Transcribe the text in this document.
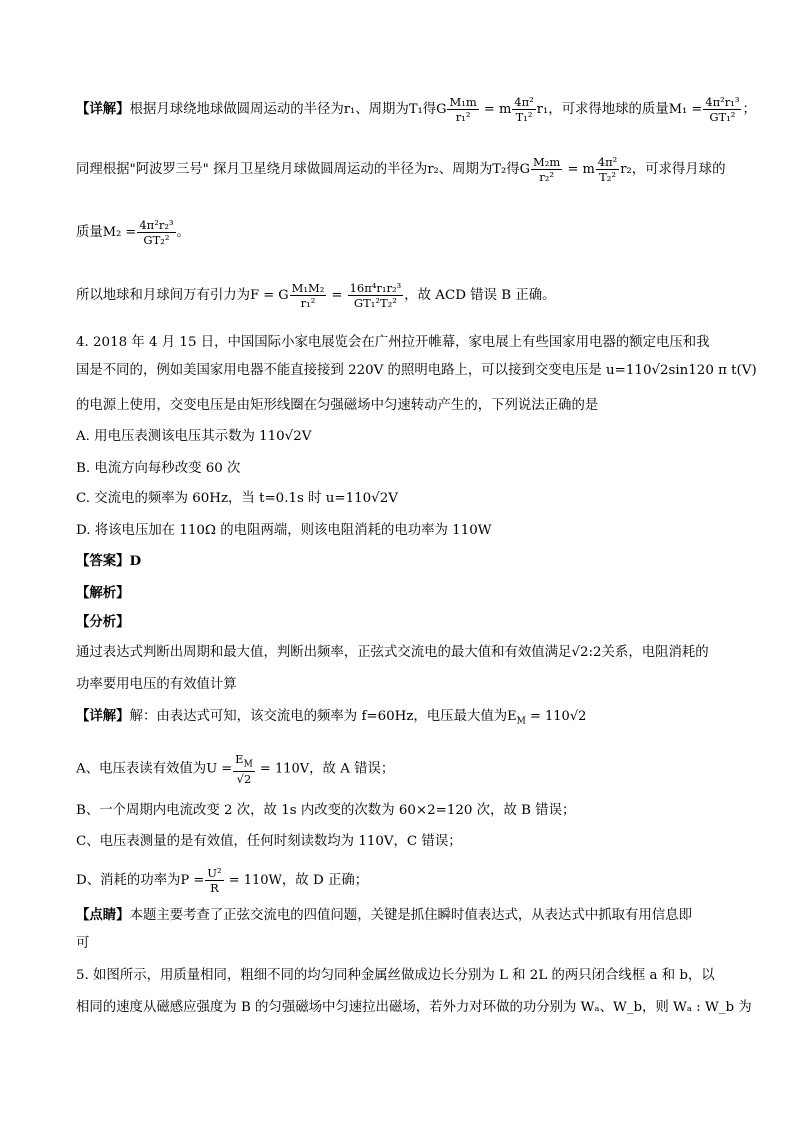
【详解】根据月球绕地球做圆周运动的半径为r₁、周期为T₁得G $\frac{\text{M₁m}}{\text{r₁²}} = m \frac{\text{4π²}}{\text{T₁²}} r_1$，可求得地球的质量$M_1 = \frac{\text{4π²r₁³}}{\text{GT₁²}}$ ；
同理根据"阿波罗三号" 探月卫星绕月球做圆周运动的半径为r₂、周期为T₂得G $\frac{\text{M₂m}}{\text{r₂²}} = m \frac{\text{4π²}}{\text{T₂²}} r_2$，可求得月球的
质量$M_2 = \frac{\text{4π²r₂³}}{\text{GT₂²}}$ 。
所以地球和月球间万有引力为F = G $\frac{\text{M₁M₂}}{\text{r₁²}} = \frac{\text{16π⁴r₁r₂³}}{\text{GT₁²T₂²}}$ ，故 ACD 错误 B 正确。
4. 2018 年 4 月 15 日，中国国际小家电展览会在广州拉开帷幕，家电展上有些国家用电器的额定电压和我
国是不同的，例如美国家用电器不能直接接到 220V 的照明电路上，可以接到交变电压是 u=110√2sin120 π t(V)
的电源上使用，交变电压是由矩形线圈在匀强磁场中匀速转动产生的，下列说法正确的是
A. 用电压表测该电压其示数为 110√2V
B. 电流方向每秒改变 60 次
C. 交流电的频率为 60Hz，当 t=0.1s 时 u=110√2V
D. 将该电压加在 110Ω 的电阻两端，则该电阻消耗的电功率为 110W
【答案】D
【解析】
【分析】
通过表达式判断出周期和最大值，判断出频率，正弦式交流电的最大值和有效值满足√2:2关系，电阻消耗的
功率要用电压的有效值计算
【详解】解：由表达式可知，该交流电的频率为 f=60Hz，电压最大值为$E_M = 110√2$
A、电压表读有效值为$U = \frac{E_M}{√2} = 110V$，故 A 错误；
B、一个周期内电流改变 2 次，故 1s 内改变的次数为 60×2=120 次，故 B 错误；
C、电压表测量的是有效值，任何时刻读数均为 110V，C 错误；
D、消耗的功率为$P = \frac{\text{U²}}{R} = 110W$，故 D 正确；
【点睛】本题主要考查了正弦交流电的四值问题，关键是抓住瞬时值表达式，从表达式中抓取有用信息即
可
5. 如图所示，用质量相同，粗细不同的均匀同种金属丝做成边长分别为 L 和 2L 的两只闭合线框 a 和 b，以
相同的速度从磁感应强度为 B 的匀强磁场中匀速拉出磁场，若外力对环做的功分别为 Wₐ、W_b，则 Wₐ : W_b 为
